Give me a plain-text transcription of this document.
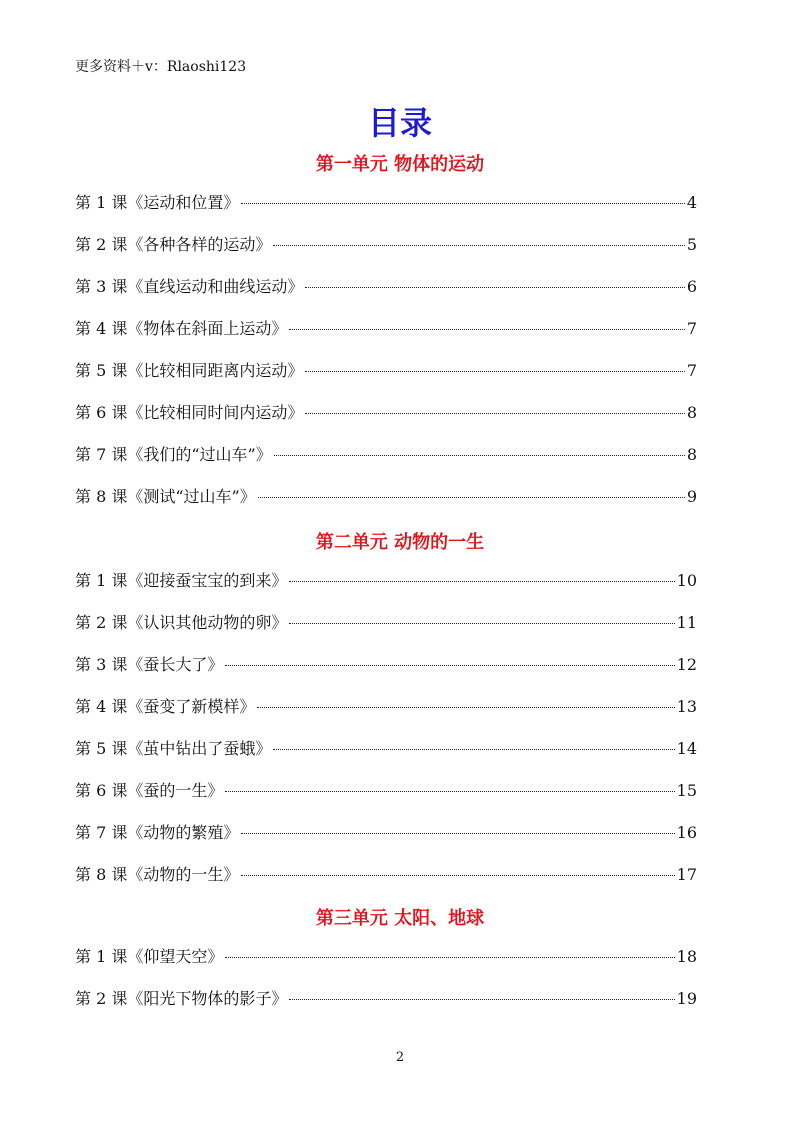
更多资料＋v：Rlaoshi123
目录
第一单元 物体的运动
第 1 课《运动和位置》	4
第 2 课《各种各样的运动》	5
第 3 课《直线运动和曲线运动》	6
第 4 课《物体在斜面上运动》	7
第 5 课《比较相同距离内运动》	7
第 6 课《比较相同时间内运动》	8
第 7 课《我们的“过山车”》	8
第 8 课《测试“过山车”》	9
第二单元 动物的一生
第 1 课《迎接蚕宝宝的到来》	10
第 2 课《认识其他动物的卵》	11
第 3 课《蚕长大了》	12
第 4 课《蚕变了新模样》	13
第 5 课《茧中钻出了蚕蛾》	14
第 6 课《蚕的一生》	15
第 7 课《动物的繁殖》	16
第 8 课《动物的一生》	17
第三单元 太阳、地球
第 1 课《仰望天空》	18
第 2 课《阳光下物体的影子》	19
2
